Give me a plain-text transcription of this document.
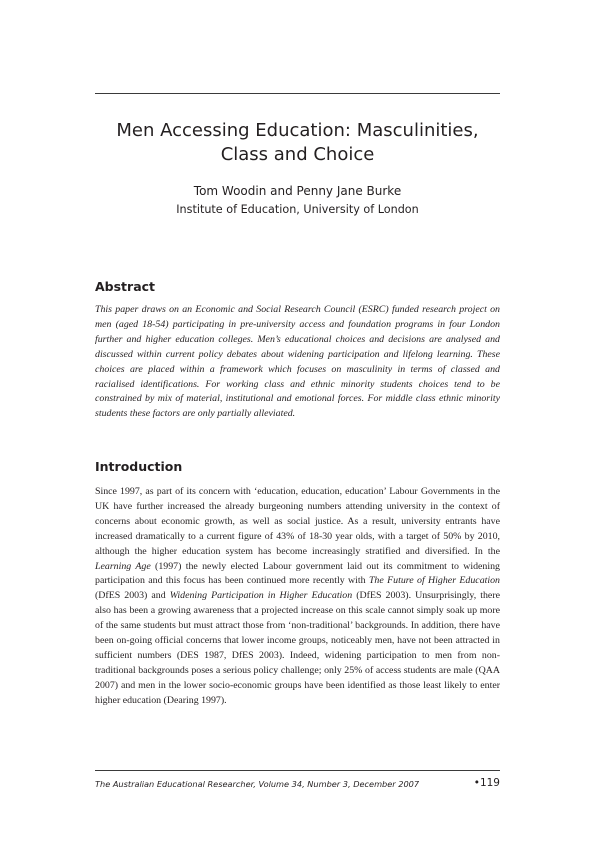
Men Accessing Education: Masculinities,
Class and Choice
Tom Woodin and Penny Jane Burke
Institute of Education, University of London
Abstract

This paper draws on an Economic and Social Research Council (ESRC) funded research project on men (aged 18-54) participating in pre-university access and foundation programs in four London further and higher education colleges. Men’s educational choices and decisions are analysed and discussed within current policy debates about widening participation and lifelong learning. These choices are placed within a framework which focuses on masculinity in terms of classed and racialised identifications. For working class and ethnic minority students choices tend to be constrained by mix of material, institutional and emotional forces. For middle class ethnic minority students these factors are only partially alleviated.

Introduction

Since 1997, as part of its concern with ‘education, education, education’ Labour Governments in the UK have further increased the already burgeoning numbers attending university in the context of concerns about economic growth, as well as social justice. As a result, university entrants have increased dramatically to a current figure of 43% of 18-30 year olds, with a target of 50% by 2010, although the higher education system has become increasingly stratified and diversified. In the Learning Age (1997) the newly elected Labour government laid out its commitment to widening participation and this focus has been continued more recently with The Future of Higher Education (DfES 2003) and Widening Participation in Higher Education (DfES 2003). Unsurprisingly, there also has been a growing awareness that a projected increase on this scale cannot simply soak up more of the same students but must attract those from ‘non-traditional’ backgrounds. In addition, there have been on-going official concerns that lower income groups, noticeably men, have not been attracted in sufficient numbers (DES 1987, DfES 2003). Indeed, widening participation to men from non-traditional backgrounds poses a serious policy challenge; only 25% of access students are male (QAA 2007) and men in the lower socio-economic groups have been identified as those least likely to enter higher education (Dearing 1997).

The Australian Educational Researcher, Volume 34, Number 3, December 2007	•119
